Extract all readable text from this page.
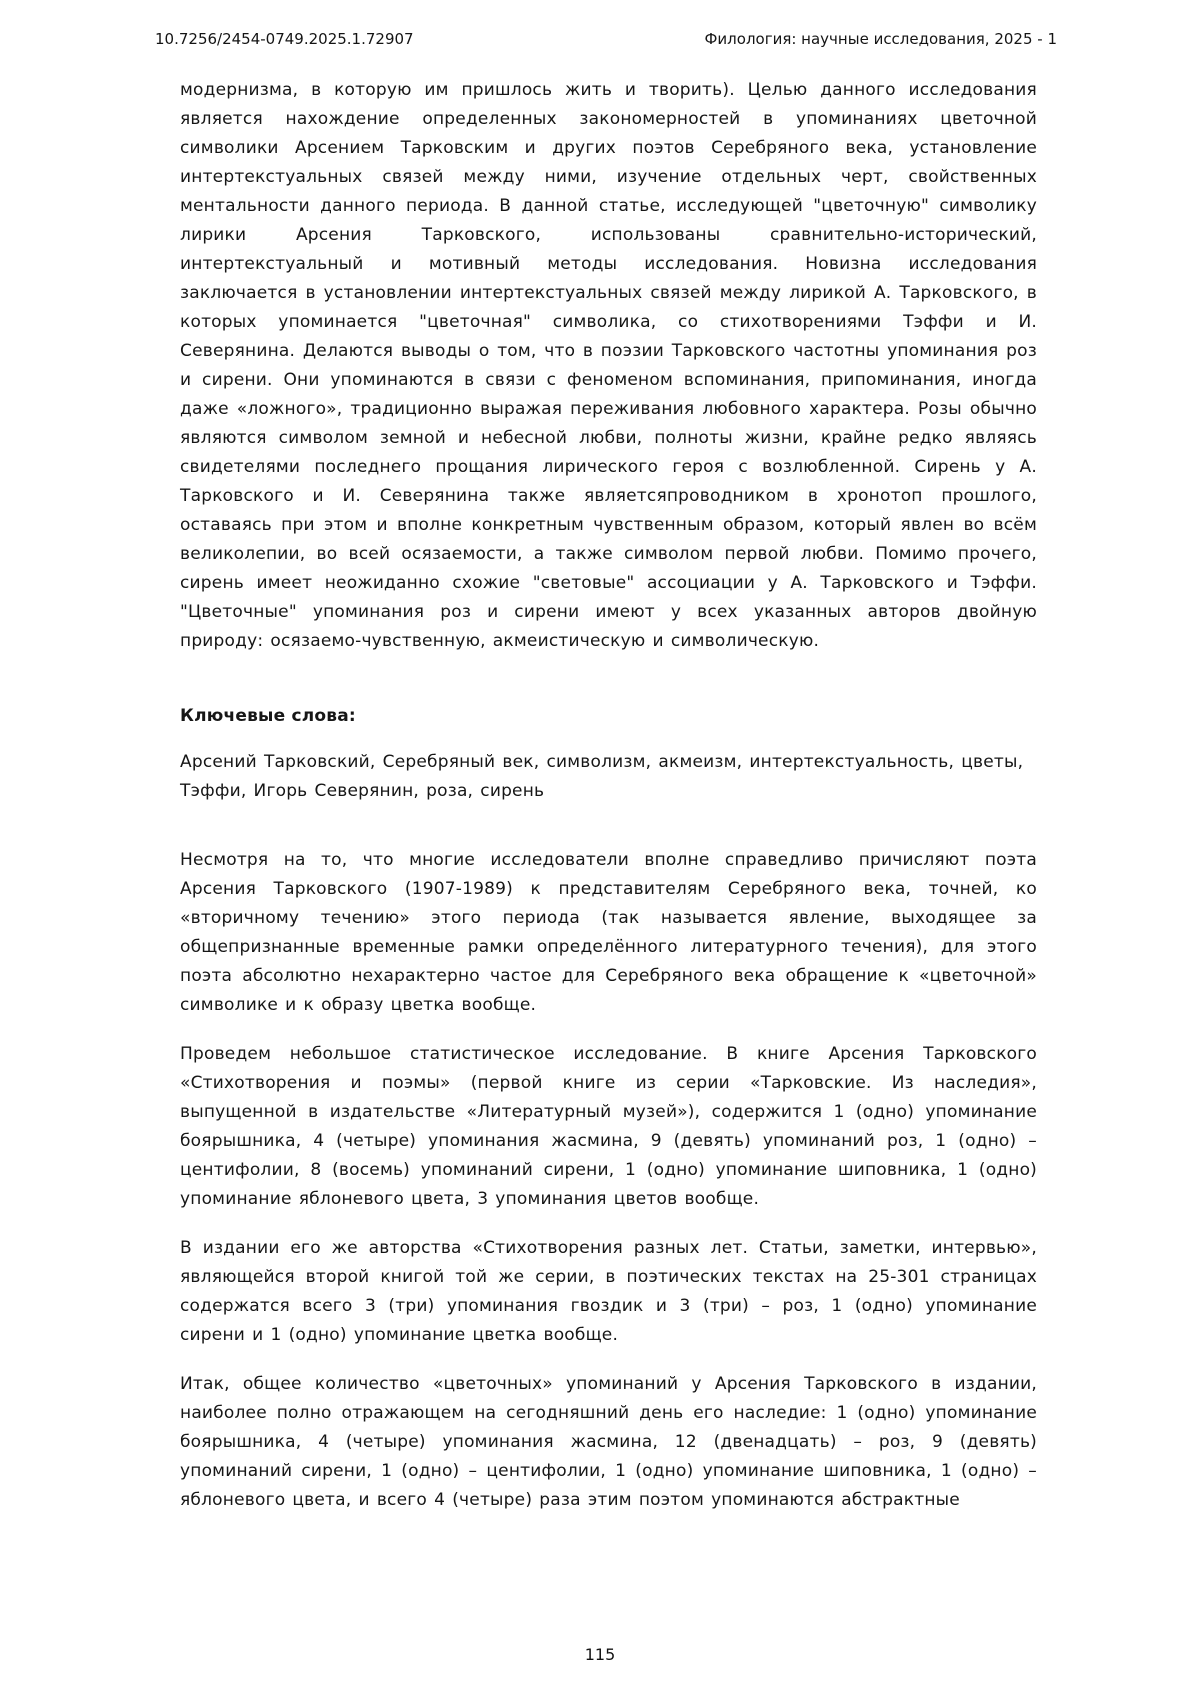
10.7256/2454-0749.2025.1.72907	Филология: научные исследования, 2025 - 1

модернизма, в которую им пришлось жить и творить). Целью данного исследования является нахождение определенных закономерностей в упоминаниях цветочной символики Арсением Тарковским и других поэтов Серебряного века, установление интертекстуальных связей между ними, изучение отдельных черт, свойственных ментальности данного периода. В данной статье, исследующей "цветочную" символику лирики Арсения Тарковского, использованы сравнительно-исторический, интертекстуальный и мотивный методы исследования. Новизна исследования заключается в установлении интертекстуальных связей между лирикой А. Тарковского, в которых упоминается "цветочная" символика, со стихотворениями Тэффи и И. Северянина. Делаются выводы о том, что в поэзии Тарковского частотны упоминания роз и сирени. Они упоминаются в связи с феноменом вспоминания, припоминания, иногда даже «ложного», традиционно выражая переживания любовного характера. Розы обычно являются символом земной и небесной любви, полноты жизни, крайне редко являясь свидетелями последнего прощания лирического героя с возлюбленной. Сирень у А. Тарковского и И. Северянина также являетсяпроводником в хронотоп прошлого, оставаясь при этом и вполне конкретным чувственным образом, который явлен во всём великолепии, во всей осязаемости, а также символом первой любви. Помимо прочего, сирень имеет неожиданно схожие "световые" ассоциации у А. Тарковского и Тэффи. "Цветочные" упоминания роз и сирени имеют у всех указанных авторов двойную природу: осязаемо-чувственную, акмеистическую и символическую.

Ключевые слова:

Арсений Тарковский, Серебряный век, символизм, акмеизм, интертекстуальность, цветы, Тэффи, Игорь Северянин, роза, сирень

Несмотря на то, что многие исследователи вполне справедливо причисляют поэта Арсения Тарковского (1907-1989) к представителям Серебряного века, точней, ко «вторичному течению» этого периода (так называется явление, выходящее за общепризнанные временные рамки определённого литературного течения), для этого поэта абсолютно нехарактерно частое для Серебряного века обращение к «цветочной» символике и к образу цветка вообще.

Проведем небольшое статистическое исследование. В книге Арсения Тарковского «Стихотворения и поэмы» (первой книге из серии «Тарковские. Из наследия», выпущенной в издательстве «Литературный музей»), содержится 1 (одно) упоминание боярышника, 4 (четыре) упоминания жасмина, 9 (девять) упоминаний роз, 1 (одно) – центифолии, 8 (восемь) упоминаний сирени, 1 (одно) упоминание шиповника, 1 (одно) упоминание яблоневого цвета, 3 упоминания цветов вообще.

В издании его же авторства «Стихотворения разных лет. Статьи, заметки, интервью», являющейся второй книгой той же серии, в поэтических текстах на 25-301 страницах содержатся всего 3 (три) упоминания гвоздик и 3 (три) – роз, 1 (одно) упоминание сирени и 1 (одно) упоминание цветка вообще.

Итак, общее количество «цветочных» упоминаний у Арсения Тарковского в издании, наиболее полно отражающем на сегодняшний день его наследие: 1 (одно) упоминание боярышника, 4 (четыре) упоминания жасмина, 12 (двенадцать) – роз, 9 (девять) упоминаний сирени, 1 (одно) – центифолии, 1 (одно) упоминание шиповника, 1 (одно) – яблоневого цвета, и всего 4 (четыре) раза этим поэтом упоминаются абстрактные

115
